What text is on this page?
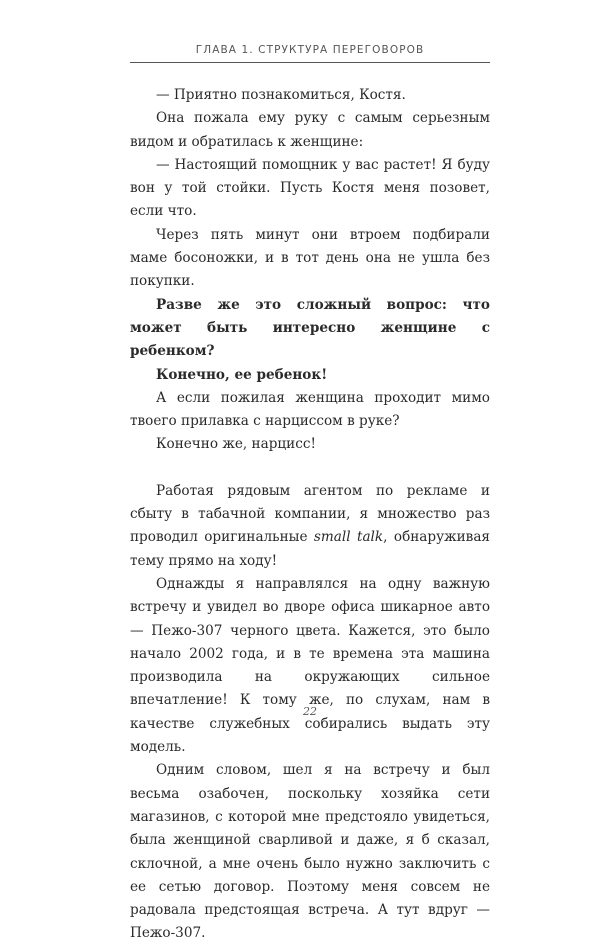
ГЛАВА 1. СТРУКТУРА ПЕРЕГОВОРОВ

— Приятно познакомиться, Костя.

Она пожала ему руку с самым серьезным видом и обратилась к женщине:

— Настоящий помощник у вас растет! Я буду вон у той стойки. Пусть Костя меня позовет, если что.

Через пять минут они втроем подбирали маме босоножки, и в тот день она не ушла без покупки.

Разве же это сложный вопрос: что может быть интересно женщине с ребенком?

Конечно, ее ребенок!

А если пожилая женщина проходит мимо твоего прилавка с нарциссом в руке?

Конечно же, нарцисс!

Работая рядовым агентом по рекламе и сбыту в табачной компании, я множество раз проводил оригинальные small talk, обнаруживая тему прямо на ходу!

Однажды я направлялся на одну важную встречу и увидел во дворе офиса шикарное авто — Пежо-307 черного цвета. Кажется, это было начало 2002 года, и в те времена эта машина производила на окружающих сильное впечатление! К тому же, по слухам, нам в качестве служебных собирались выдать эту модель.

Одним словом, шел я на встречу и был весьма озабочен, поскольку хозяйка сети магазинов, с которой мне предстояло увидеться, была женщиной сварливой и даже, я б сказал, склочной, а мне очень было нужно заключить с ее сетью договор. Поэтому меня совсем не радовала предстоящая встреча. А тут вдруг — Пежо-307.

22
